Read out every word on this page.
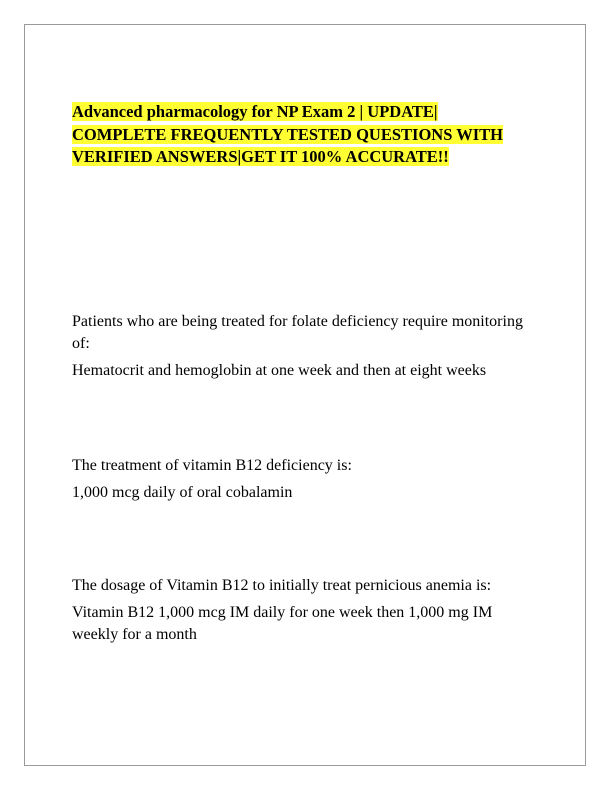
Advanced pharmacology for NP Exam 2 | UPDATE| COMPLETE FREQUENTLY TESTED QUESTIONS WITH VERIFIED ANSWERS|GET IT 100% ACCURATE!!

Patients who are being treated for folate deficiency require monitoring of:

Hematocrit and hemoglobin at one week and then at eight weeks

The treatment of vitamin B12 deficiency is:

1,000 mcg daily of oral cobalamin

The dosage of Vitamin B12 to initially treat pernicious anemia is:

Vitamin B12 1,000 mcg IM daily for one week then 1,000 mg IM weekly for a month
